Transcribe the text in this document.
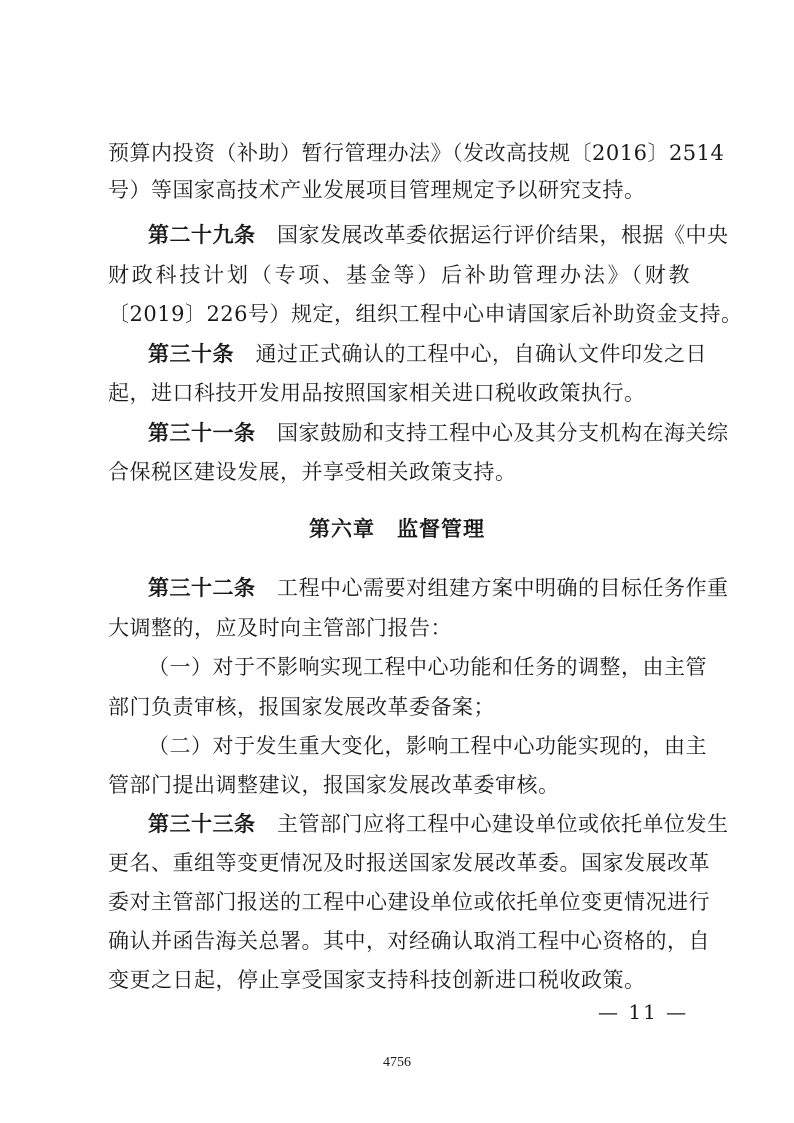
预算内投资（补助）暂行管理办法》（发改高技规〔2016〕2514
号）等国家高技术产业发展项目管理规定予以研究支持。
第二十九条　 国家发展改革委依据运行评价结果，根据《中央
财政科技计划（专项、基金等）后补助管理办法》（财教
〔2019〕226号）规定，组织工程中心申请国家后补助资金支持。
第三十条　 通过正式确认的工程中心，自确认文件印发之日
起，进口科技开发用品按照国家相关进口税收政策执行。
第三十一条　 国家鼓励和支持工程中心及其分支机构在海关综
合保税区建设发展，并享受相关政策支持。
第六章　监督管理
第三十二条　 工程中心需要对组建方案中明确的目标任务作重
大调整的，应及时向主管部门报告：
（一）对于不影响实现工程中心功能和任务的调整，由主管
部门负责审核，报国家发展改革委备案；
（二）对于发生重大变化，影响工程中心功能实现的，由主
管部门提出调整建议，报国家发展改革委审核。
第三十三条　 主管部门应将工程中心建设单位或依托单位发生
更名、重组等变更情况及时报送国家发展改革委。国家发展改革
委对主管部门报送的工程中心建设单位或依托单位变更情况进行
确认并函告海关总署。其中，对经确认取消工程中心资格的，自
变更之日起，停止享受国家支持科技创新进口税收政策。
— 11 —
4756
